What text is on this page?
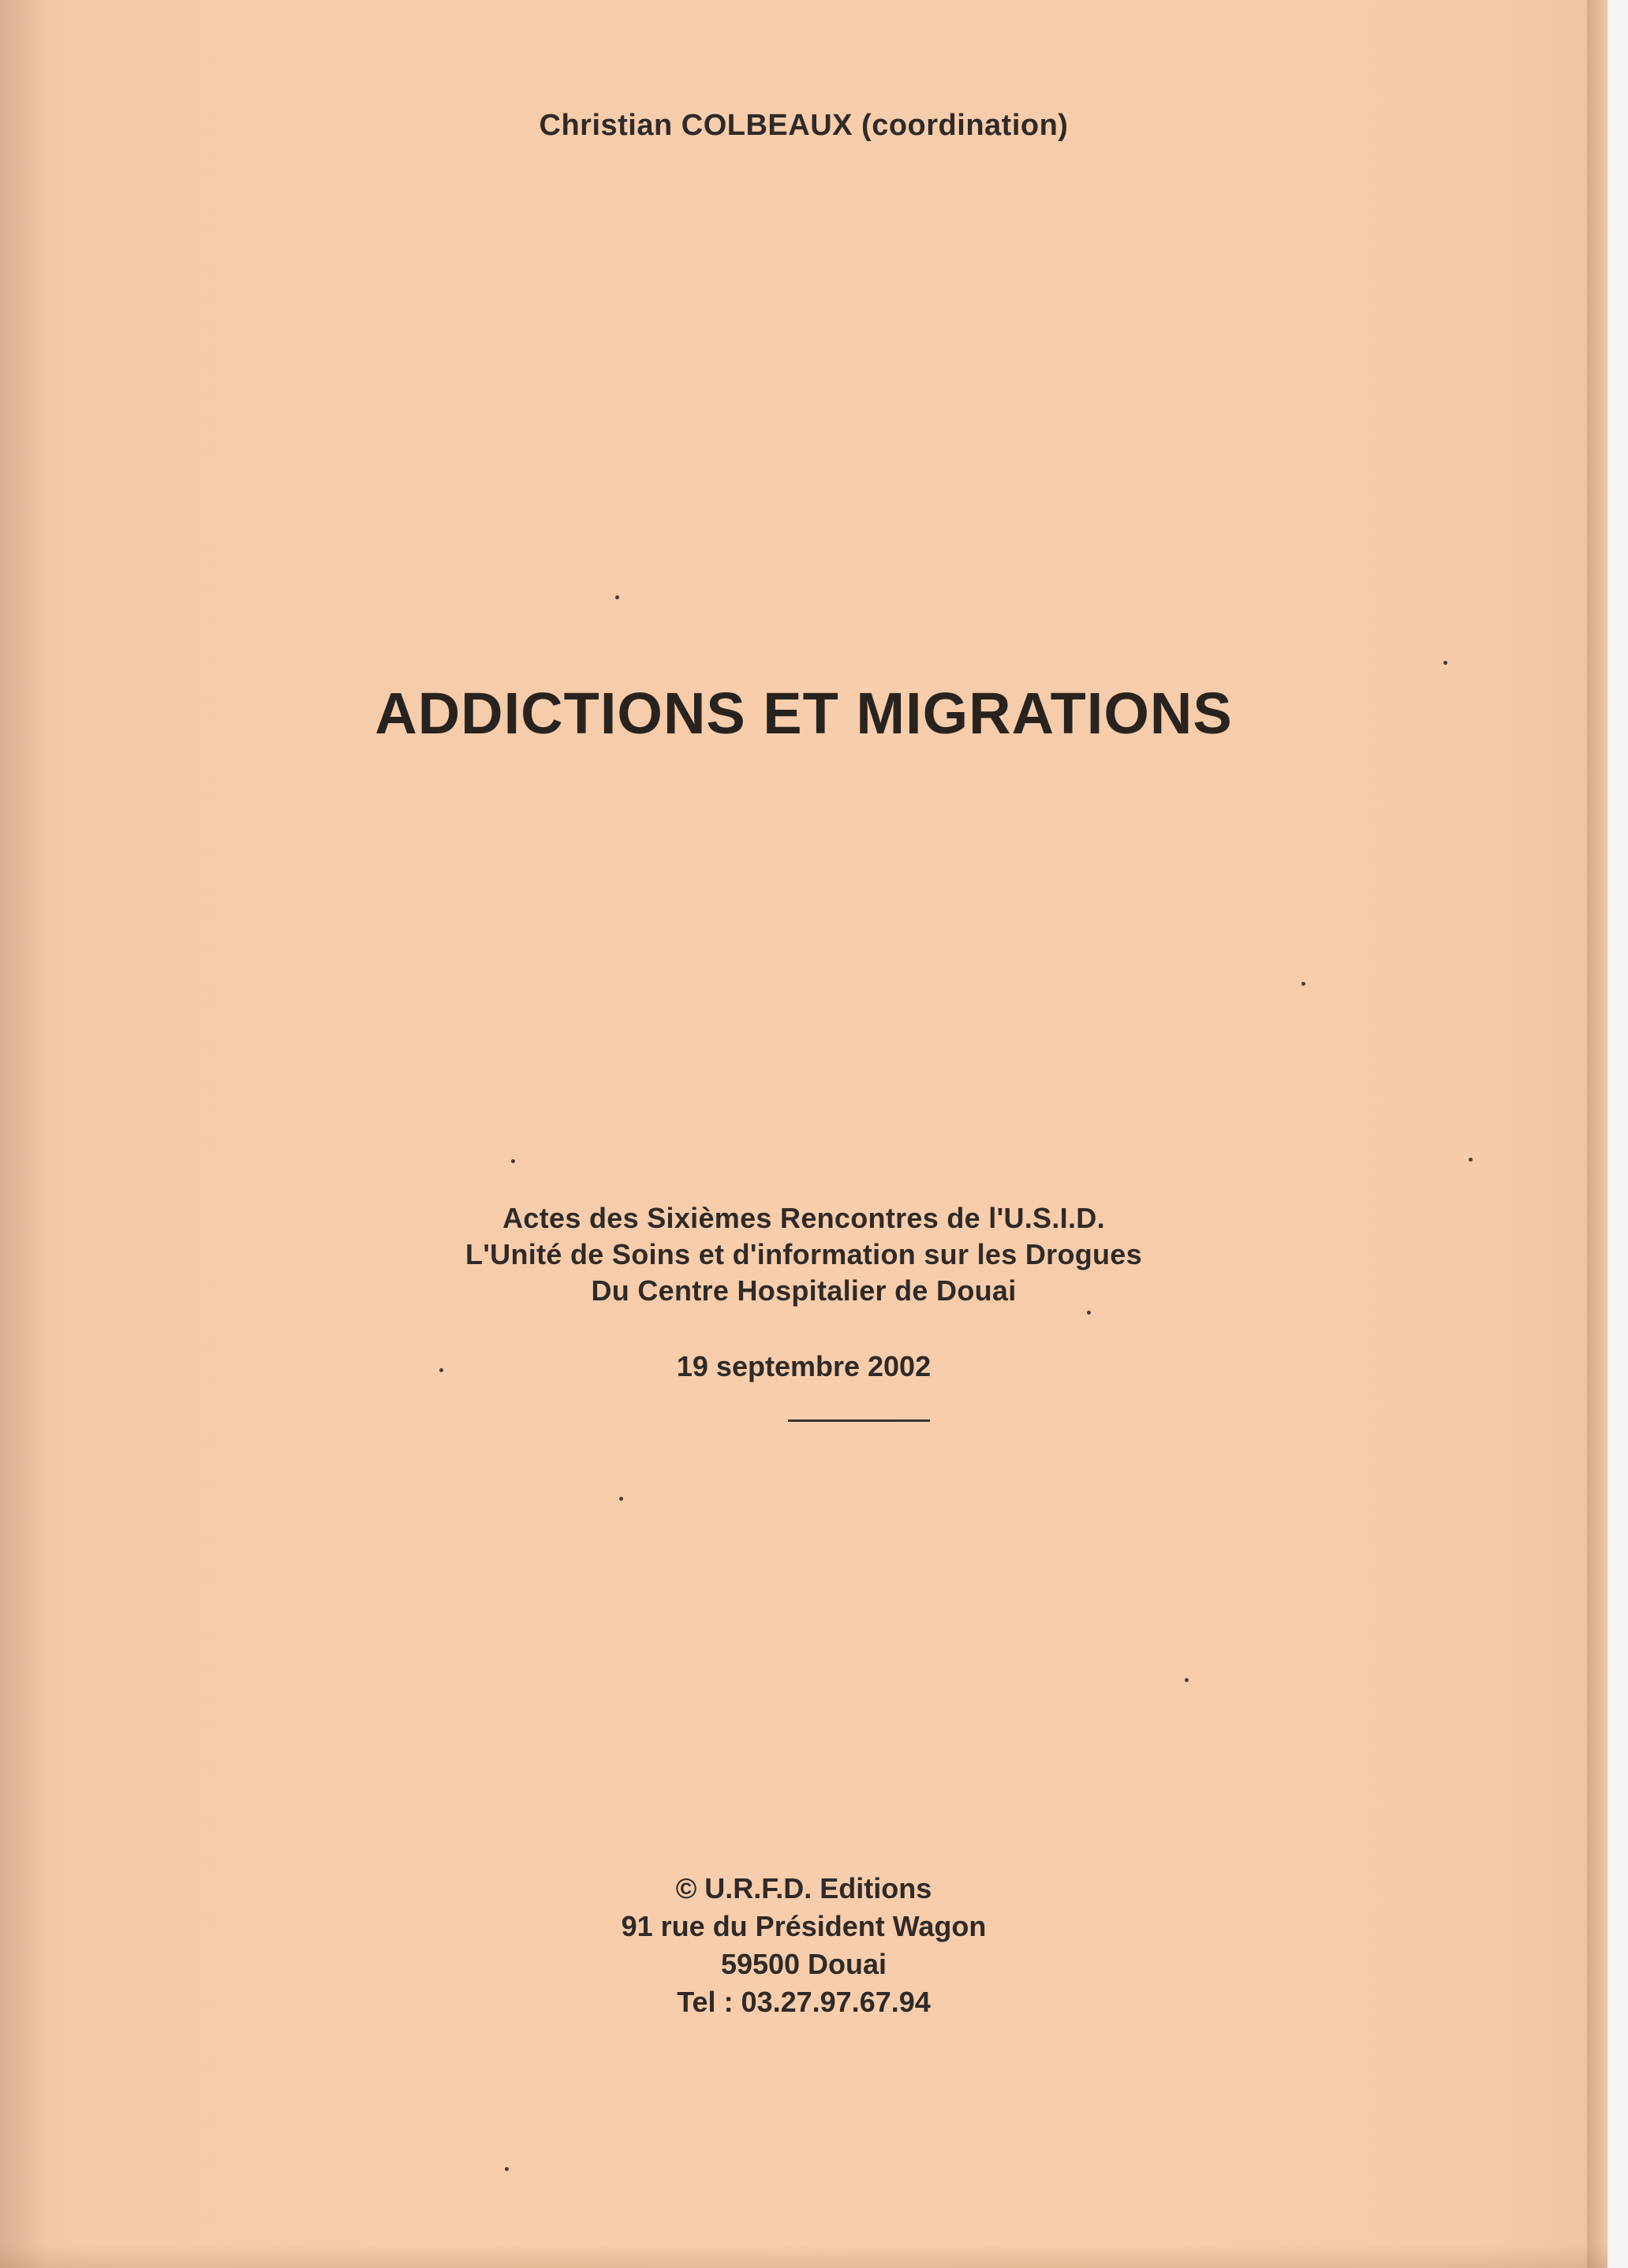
Christian COLBEAUX (coordination)
ADDICTIONS ET MIGRATIONS
Actes des Sixièmes Rencontres de l'U.S.I.D.
L'Unité de Soins et d'information sur les Drogues
Du Centre Hospitalier de Douai
19 septembre 2002
© U.R.F.D. Editions
91 rue du Président Wagon
59500 Douai
Tel : 03.27.97.67.94
